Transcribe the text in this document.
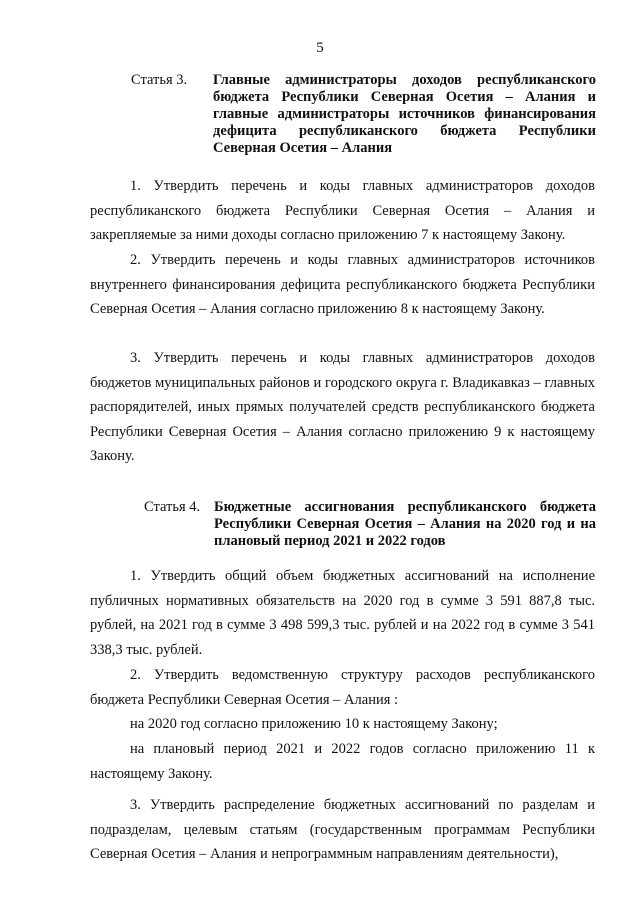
5
Статья 3.	Главные администраторы доходов республиканского бюджета Республики Северная Осетия – Алания и главные администраторы источников финансирования дефицита республиканского бюджета Республики Северная Осетия – Алания

1. Утвердить перечень и коды главных администраторов доходов республиканского бюджета Республики Северная Осетия – Алания и закрепляемые за ними доходы согласно приложению 7 к настоящему Закону.

2. Утвердить перечень и коды главных администраторов источников внутреннего финансирования дефицита республиканского бюджета Республики Северная Осетия – Алания согласно приложению 8 к настоящему Закону.

3. Утвердить перечень и коды главных администраторов доходов бюджетов муниципальных районов и городского округа г. Владикавказ – главных распорядителей, иных прямых получателей средств республиканского бюджета Республики Северная Осетия – Алания согласно приложению 9 к настоящему Закону.

Статья 4. Бюджетные ассигнования республиканского бюджета Республики Северная Осетия – Алания на 2020 год и на плановый период 2021 и 2022 годов

1. Утвердить общий объем бюджетных ассигнований на исполнение публичных нормативных обязательств на 2020 год в сумме 3 591 887,8 тыс. рублей, на 2021 год в сумме 3 498 599,3 тыс. рублей и на 2022 год в сумме 3 541 338,3 тыс. рублей.

2. Утвердить ведомственную структуру расходов республиканского бюджета Республики Северная Осетия – Алания :

на 2020 год согласно приложению 10 к настоящему Закону;

на плановый период 2021 и 2022 годов согласно приложению 11 к настоящему Закону.

3. Утвердить распределение бюджетных ассигнований по разделам и подразделам, целевым статьям (государственным программам Республики Северная Осетия – Алания и непрограммным направлениям деятельности),
